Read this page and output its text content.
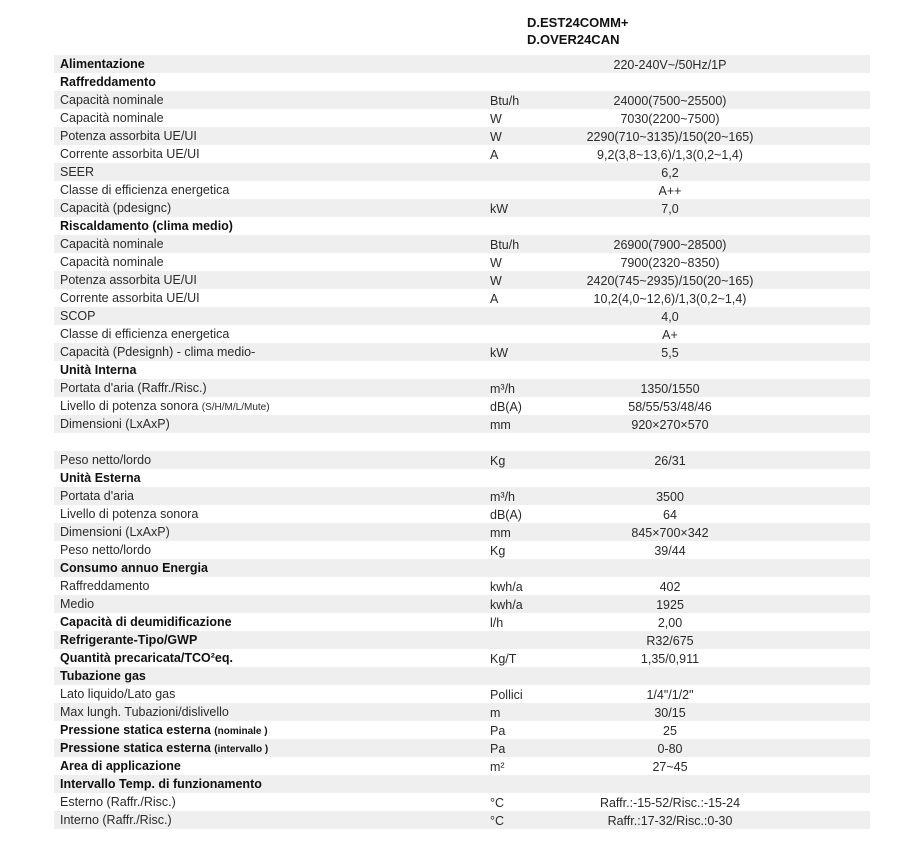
D.EST24COMM+
D.OVER24CAN
Alimentazione	220-240V~/50Hz/1P
Raffreddamento
Capacità nominale	Btu/h	24000(7500~25500)
Capacità nominale	W	7030(2200~7500)
Potenza assorbita UE/UI	W	2290(710~3135)/150(20~165)
Corrente assorbita UE/UI	A	9,2(3,8~13,6)/1,3(0,2~1,4)
SEER	6,2
Classe di efficienza energetica	A++
Capacità (pdesignc)	kW	7,0
Riscaldamento (clima medio)
Capacità nominale	Btu/h	26900(7900~28500)
Capacità nominale	W	7900(2320~8350)
Potenza assorbita UE/UI	W	2420(745~2935)/150(20~165)
Corrente assorbita UE/UI	A	10,2(4,0~12,6)/1,3(0,2~1,4)
SCOP	4,0
Classe di efficienza energetica	A+
Capacità (Pdesignh) - clima medio-	kW	5,5
Unità Interna
Portata d'aria (Raffr./Risc.)	m³/h	1350/1550
Livello di potenza sonora (S/H/M/L/Mute)	dB(A)	58/55/53/48/46
Dimensioni (LxAxP)	mm	920×270×570
Peso netto/lordo	Kg	26/31
Unità Esterna
Portata d'aria	m³/h	3500
Livello di potenza sonora	dB(A)	64
Dimensioni (LxAxP)	mm	845×700×342
Peso netto/lordo	Kg	39/44
Consumo annuo Energia
Raffreddamento	kwh/a	402
Medio	kwh/a	1925
Capacità di deumidificazione	l/h	2,00
Refrigerante-Tipo/GWP	R32/675
Quantità precaricata/TCO²eq.	Kg/T	1,35/0,911
Tubazione gas
Lato liquido/Lato gas	Pollici	1/4"/1/2"
Max lungh. Tubazioni/dislivello	m	30/15
Pressione statica esterna (nominale )	Pa	25
Pressione statica esterna (intervallo )	Pa	0-80
Area di applicazione	m²	27~45
Intervallo Temp. di funzionamento
Esterno (Raffr./Risc.)	°C	Raffr.:-15-52/Risc.:-15-24
Interno (Raffr./Risc.)	°C	Raffr.:17-32/Risc.:0-30
